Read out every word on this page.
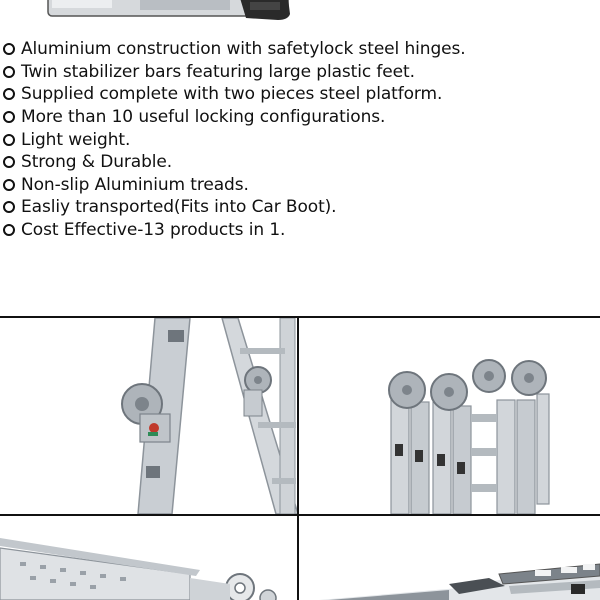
Aluminium construction with safetylock steel hinges.
Twin stabilizer bars featuring large plastic feet.
Supplied complete with two pieces steel platform.
More than 10 useful locking configurations.
Light weight.
Strong & Durable.
Non-slip Aluminium treads.
Easliy transported(Fits into Car Boot).
Cost Effective-13 products in 1.
